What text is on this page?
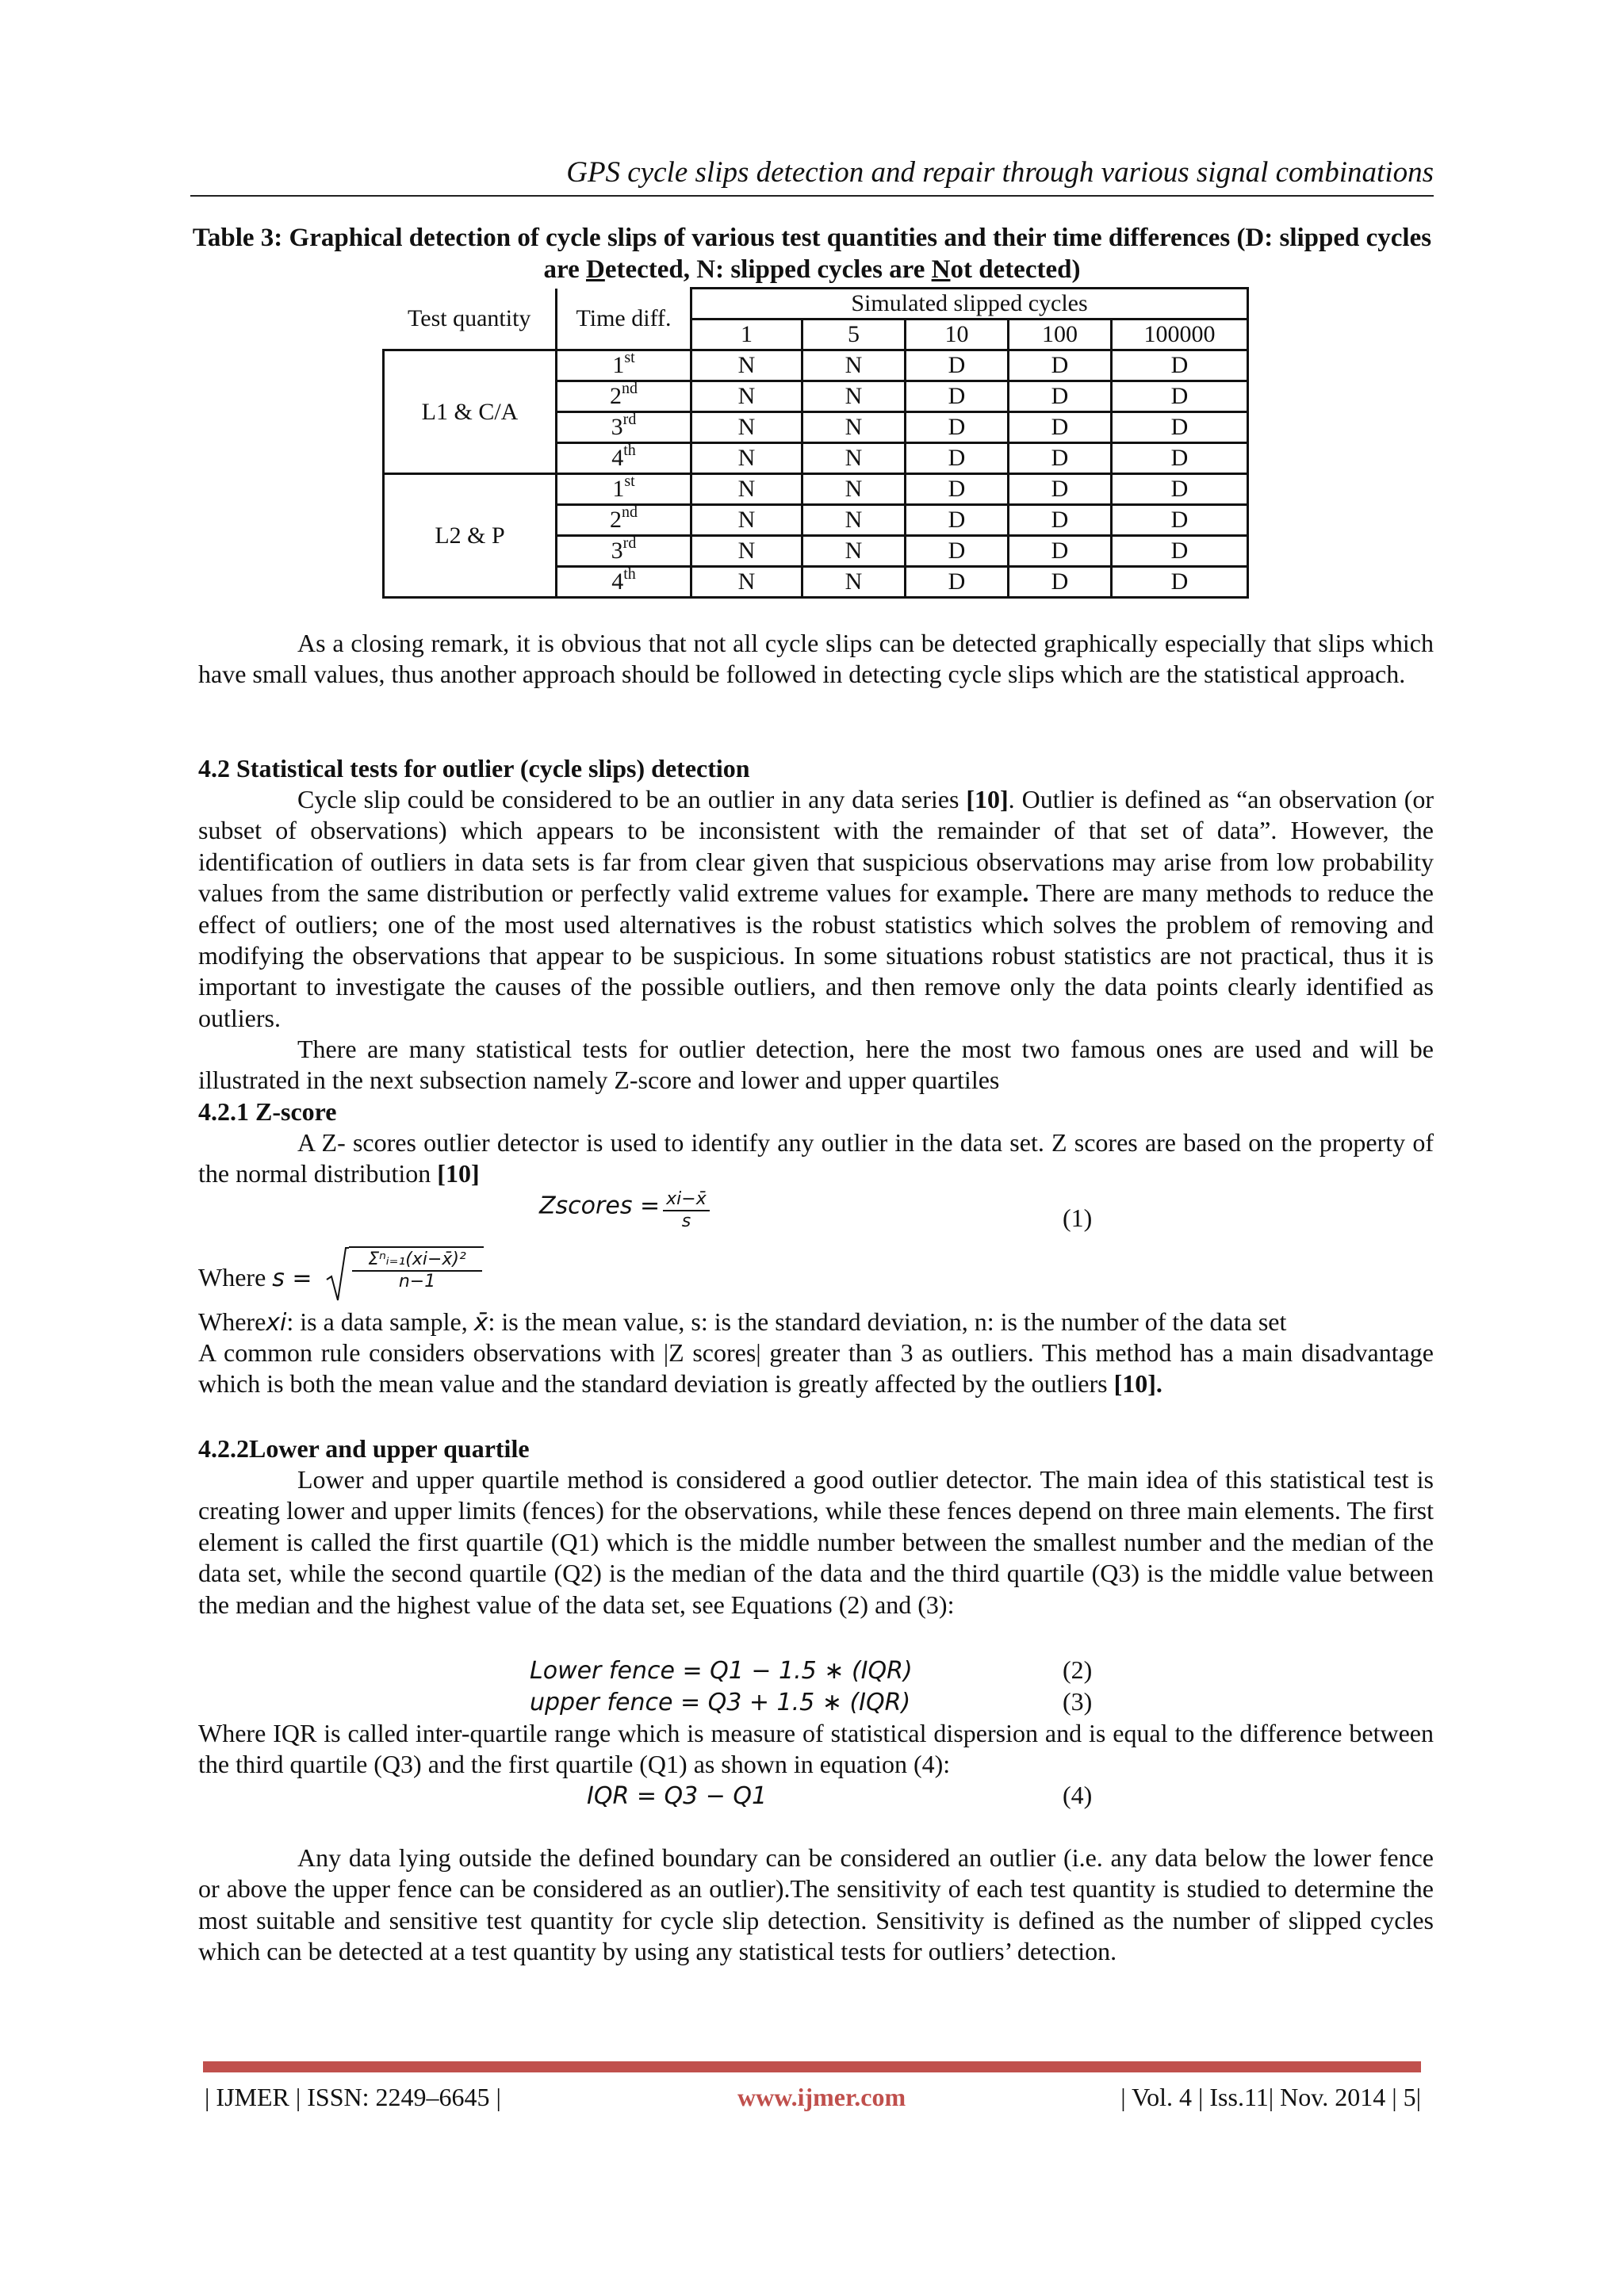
GPS cycle slips detection and repair through various signal combinations
Table 3: Graphical detection of cycle slips of various test quantities and their time differences (D: slipped cycles are Detected, N: slipped cycles are Not detected)
Test quantity	Time diff.	Simulated slipped cycles				
		1	5	10	100	100000
L1 & C/A	1st	N	N	D	D	D
	2nd	N	N	D	D	D
	3rd	N	N	D	D	D
	4th	N	N	D	D	D
L2 & P	1st	N	N	D	D	D
	2nd	N	N	D	D	D
	3rd	N	N	D	D	D
	4th	N	N	D	D	D
As a closing remark, it is obvious that not all cycle slips can be detected graphically especially that slips which have small values, thus another approach should be followed in detecting cycle slips which are the statistical approach.
4.2 Statistical tests for outlier (cycle slips) detection
Cycle slip could be considered to be an outlier in any data series [10]. Outlier is defined as “an observation (or subset of observations) which appears to be inconsistent with the remainder of that set of data”. However, the identification of outliers in data sets is far from clear given that suspicious observations may arise from low probability values from the same distribution or perfectly valid extreme values for example. There are many methods to reduce the effect of outliers; one of the most used alternatives is the robust statistics which solves the problem of removing and modifying the observations that appear to be suspicious. In some situations robust statistics are not practical, thus it is important to investigate the causes of the possible outliers, and then remove only the data points clearly identified as outliers.
There are many statistical tests for outlier detection, here the most two famous ones are used and will be illustrated in the next subsection namely Z-score and lower and upper quartiles
4.2.1 Z-score
A Z- scores outlier detector is used to identify any outlier in the data set. Z scores are based on the property of the normal distribution [10]
Zscores = $\frac{xi-x̄}{s}$	(1)
Where s =
Σⁿᵢ₌₁(xi−x̄)²
n−1
Wherexi: is a data sample, x̄: is the mean value, s: is the standard deviation, n: is the number of the data set
A common rule considers observations with |Z scores| greater than 3 as outliers. This method has a main disadvantage which is both the mean value and the standard deviation is greatly affected by the outliers [10].
4.2.2Lower and upper quartile
Lower and upper quartile method is considered a good outlier detector. The main idea of this statistical test is creating lower and upper limits (fences) for the observations, while these fences depend on three main elements. The first element is called the first quartile (Q1) which is the middle number between the smallest number and the median of the data set, while the second quartile (Q2) is the median of the data and the third quartile (Q3) is the middle value between the median and the highest value of the data set, see Equations (2) and (3):
Lower fence = Q1 − 1.5 ∗ (IQR)	(2)
upper fence = Q3 + 1.5 ∗ (IQR)	(3)
Where IQR is called inter-quartile range which is measure of statistical dispersion and is equal to the difference between the third quartile (Q3) and the first quartile (Q1) as shown in equation (4):
IQR = Q3 − Q1	(4)
Any data lying outside the defined boundary can be considered an outlier (i.e. any data below the lower fence or above the upper fence can be considered as an outlier).The sensitivity of each test quantity is studied to determine the most suitable and sensitive test quantity for cycle slip detection. Sensitivity is defined as the number of slipped cycles which can be detected at a test quantity by using any statistical tests for outliers’ detection.
| IJMER | ISSN: 2249–6645 |	www.ijmer.com	| Vol. 4 | Iss.11| Nov. 2014 | 5|
